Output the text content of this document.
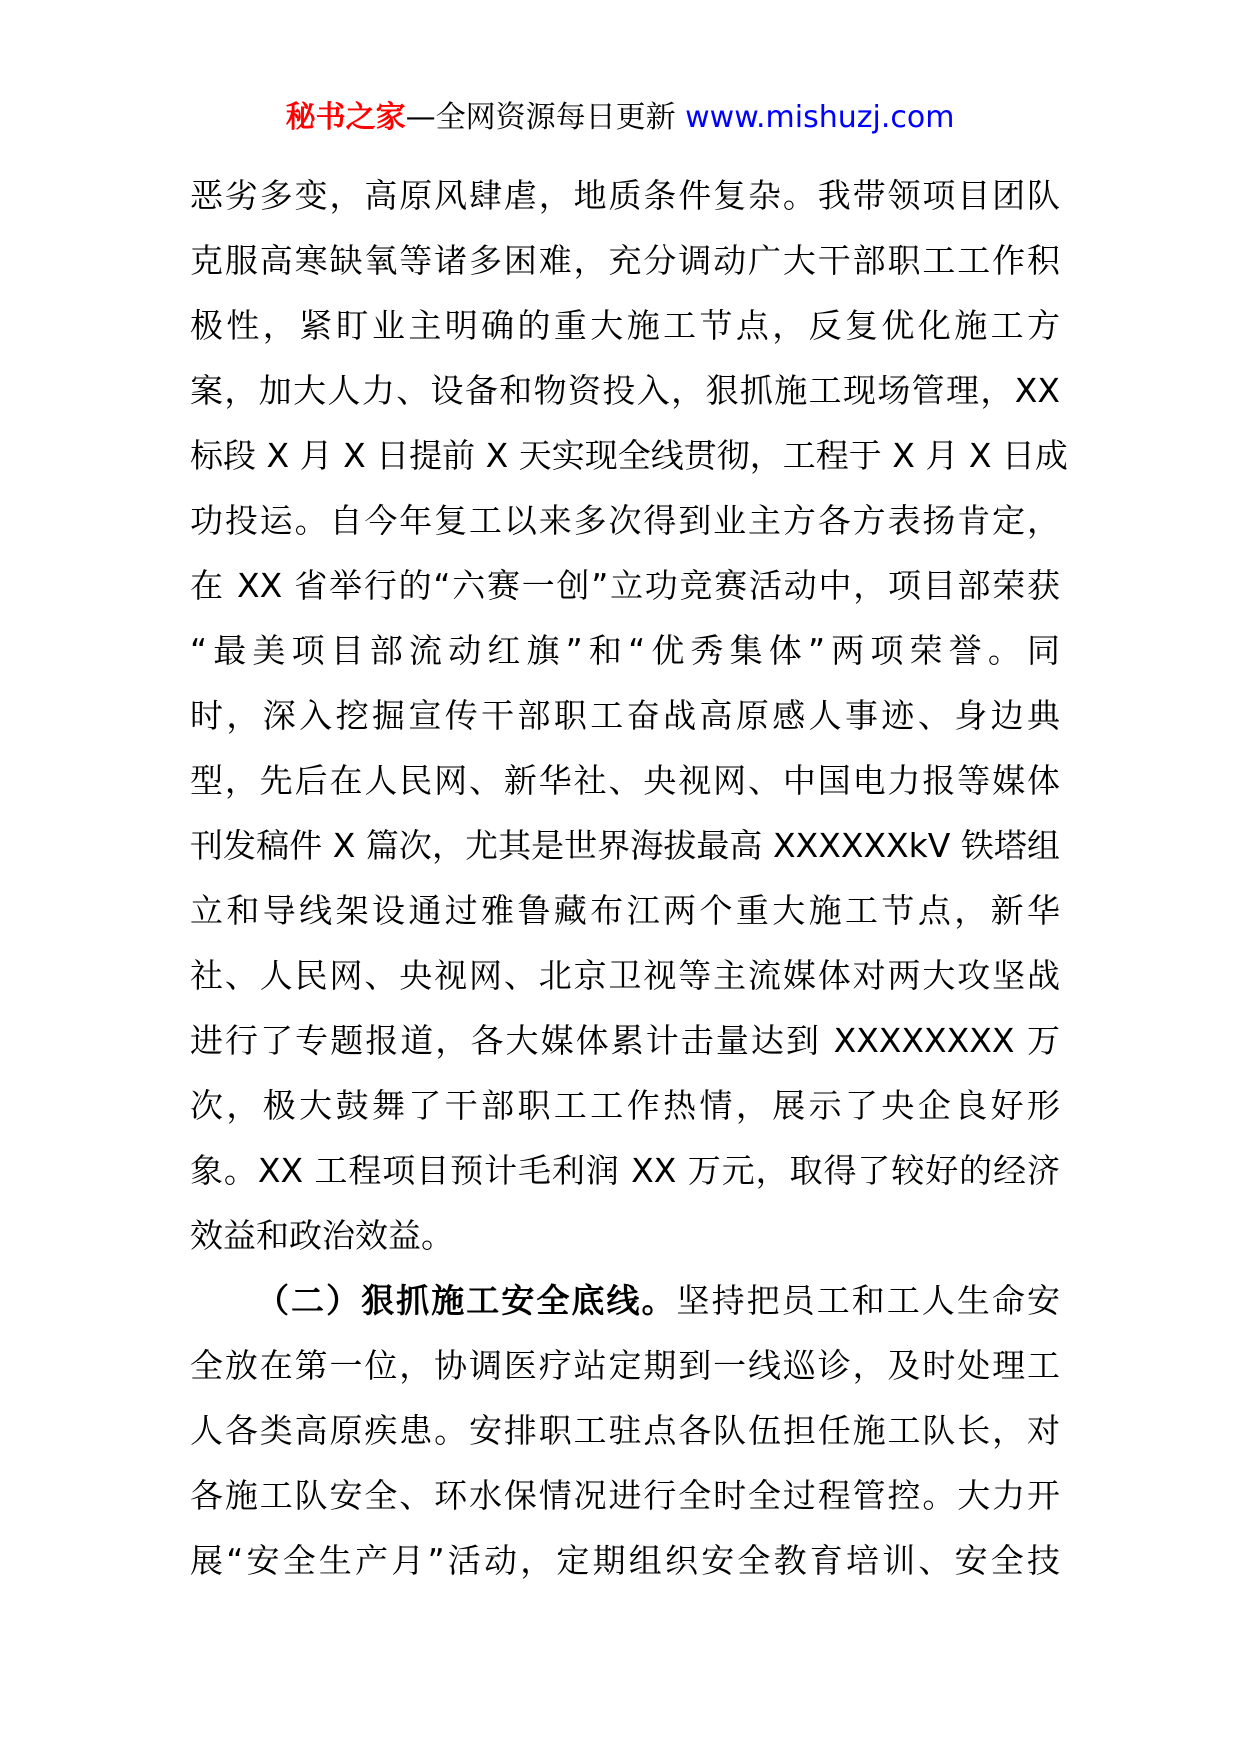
秘书之家—全网资源每日更新 www.mishuzj.com
恶劣多变，高原风肆虐，地质条件复杂。我带领项目团队
克服高寒缺氧等诸多困难，充分调动广大干部职工工作积
极性，紧盯业主明确的重大施工节点，反复优化施工方
案，加大人力、设备和物资投入，狠抓施工现场管理，XX
标段 X 月 X 日提前 X 天实现全线贯彻，工程于 X 月 X 日成
功投运。自今年复工以来多次得到业主方各方表扬肯定，
在 XX 省举行的“六赛一创”立功竞赛活动中，项目部荣获
“最美项目部流动红旗”和“优秀集体”两项荣誉。同
时，深入挖掘宣传干部职工奋战高原感人事迹、身边典
型，先后在人民网、新华社、央视网、中国电力报等媒体
刊发稿件 X 篇次，尤其是世界海拔最高 XXXXXXkV 铁塔组
立和导线架设通过雅鲁藏布江两个重大施工节点，新华
社、人民网、央视网、北京卫视等主流媒体对两大攻坚战
进行了专题报道，各大媒体累计击量达到 XXXXXXXX 万
次，极大鼓舞了干部职工工作热情，展示了央企良好形
象。XX 工程项目预计毛利润 XX 万元，取得了较好的经济
效益和政治效益。
（二）狠抓施工安全底线。坚持把员工和工人生命安
全放在第一位，协调医疗站定期到一线巡诊，及时处理工
人各类高原疾患。安排职工驻点各队伍担任施工队长，对
各施工队安全、环水保情况进行全时全过程管控。大力开
展“安全生产月”活动，定期组织安全教育培训、安全技
